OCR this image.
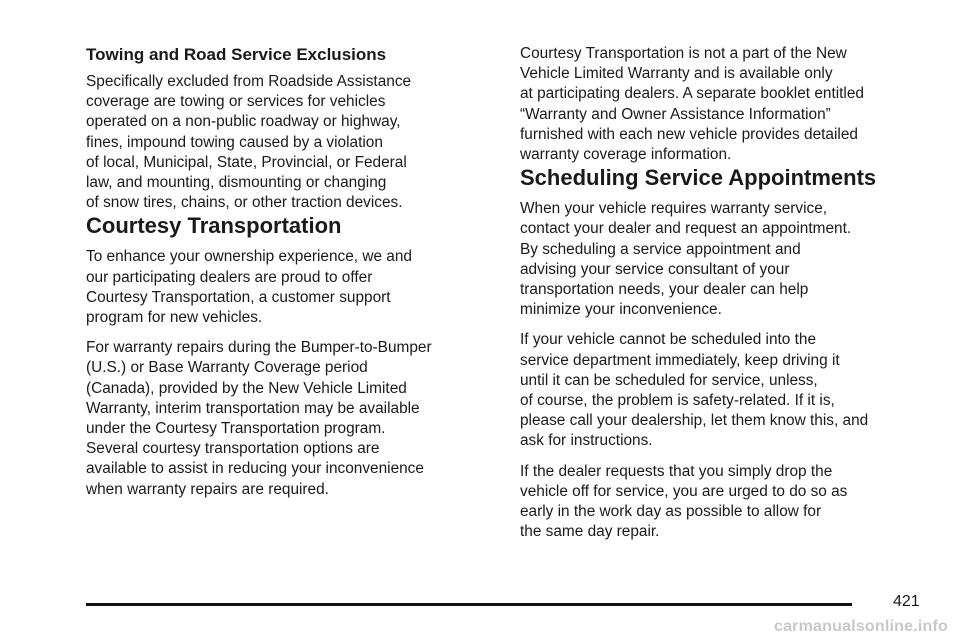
Towing and Road Service Exclusions
Specifically excluded from Roadside Assistance
coverage are towing or services for vehicles
operated on a non-public roadway or highway,
fines, impound towing caused by a violation
of local, Municipal, State, Provincial, or Federal
law, and mounting, dismounting or changing
of snow tires, chains, or other traction devices.
Courtesy Transportation
To enhance your ownership experience, we and
our participating dealers are proud to offer
Courtesy Transportation, a customer support
program for new vehicles.
For warranty repairs during the Bumper-to-Bumper
(U.S.) or Base Warranty Coverage period
(Canada), provided by the New Vehicle Limited
Warranty, interim transportation may be available
under the Courtesy Transportation program.
Several courtesy transportation options are
available to assist in reducing your inconvenience
when warranty repairs are required.
Courtesy Transportation is not a part of the New
Vehicle Limited Warranty and is available only
at participating dealers. A separate booklet entitled
“Warranty and Owner Assistance Information”
furnished with each new vehicle provides detailed
warranty coverage information.
Scheduling Service Appointments
When your vehicle requires warranty service,
contact your dealer and request an appointment.
By scheduling a service appointment and
advising your service consultant of your
transportation needs, your dealer can help
minimize your inconvenience.
If your vehicle cannot be scheduled into the
service department immediately, keep driving it
until it can be scheduled for service, unless,
of course, the problem is safety-related. If it is,
please call your dealership, let them know this, and
ask for instructions.
If the dealer requests that you simply drop the
vehicle off for service, you are urged to do so as
early in the work day as possible to allow for
the same day repair.
421
carmanualsonline.info
